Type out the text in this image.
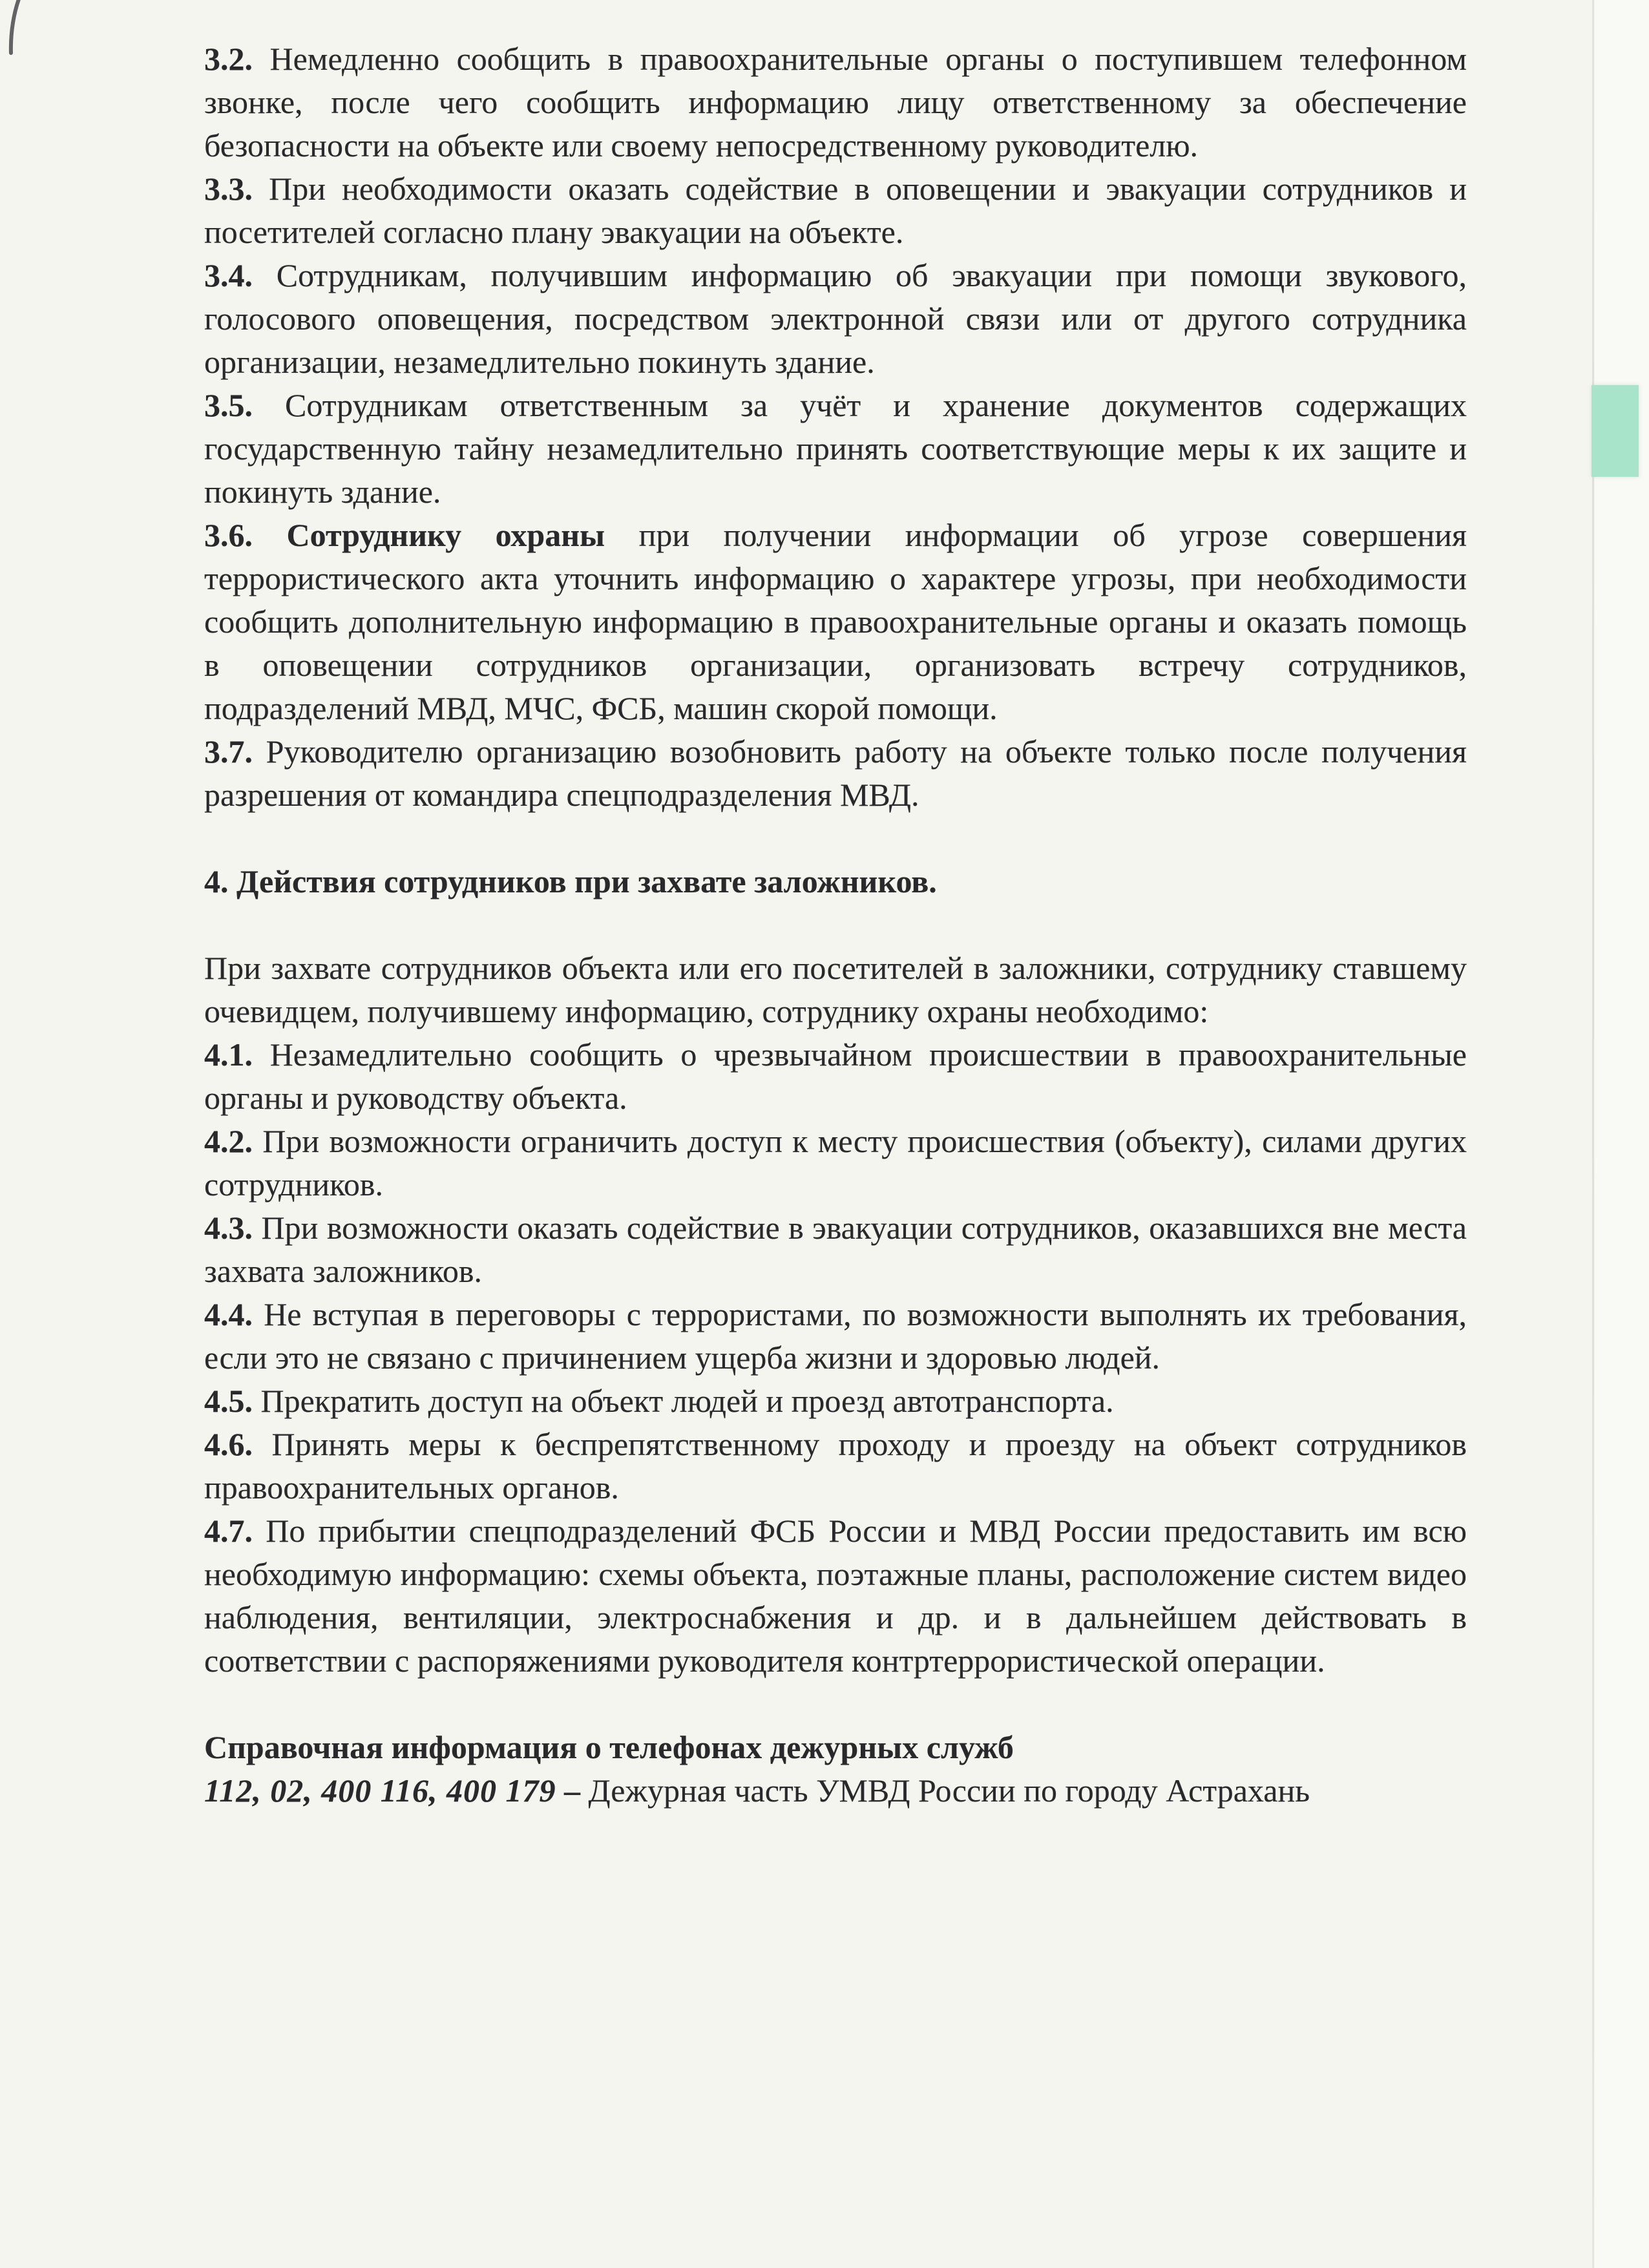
3.2. Немедленно сообщить в правоохранительные органы о поступившем телефонном звонке, после чего сообщить информацию лицу ответственному за обеспечение безопасности на объекте или своему непосредственному руководителю.

3.3. При необходимости оказать содействие в оповещении и эвакуации сотрудников и посетителей согласно плану эвакуации на объекте.

3.4. Сотрудникам, получившим информацию об эвакуации при помощи звукового, голосового оповещения, посредством электронной связи или от другого сотрудника организации, незамедлительно покинуть здание.

3.5. Сотрудникам ответственным за учёт и хранение документов содержащих государственную тайну незамедлительно принять соответствующие меры к их защите и покинуть здание.

3.6. Сотруднику охраны при получении информации об угрозе совершения террористического акта уточнить информацию о характере угрозы, при необходимости сообщить дополнительную информацию в правоохранительные органы и оказать помощь в оповещении сотрудников организации, организовать встречу сотрудников, подразделений МВД, МЧС, ФСБ, машин скорой помощи.

3.7. Руководителю организацию возобновить работу на объекте только после получения разрешения от командира спецподразделения МВД.

4. Действия сотрудников при захвате заложников.

При захвате сотрудников объекта или его посетителей в заложники, сотруднику ставшему очевидцем, получившему информацию, сотруднику охраны необходимо:

4.1. Незамедлительно сообщить о чрезвычайном происшествии в правоохранительные органы и руководству объекта.

4.2. При возможности ограничить доступ к месту происшествия (объекту), силами других сотрудников.

4.3. При возможности оказать содействие в эвакуации сотрудников, оказавшихся вне места захвата заложников.

4.4. Не вступая в переговоры с террористами, по возможности выполнять их требования, если это не связано с причинением ущерба жизни и здоровью людей.

4.5. Прекратить доступ на объект людей и проезд автотранспорта.

4.6. Принять меры к беспрепятственному проходу и проезду на объект сотрудников правоохранительных органов.

4.7. По прибытии спецподразделений ФСБ России и МВД России предоставить им всю необходимую информацию: схемы объекта, поэтажные планы, расположение систем видео наблюдения, вентиляции, электроснабжения и др. и в дальнейшем действовать в соответствии с распоряжениями руководителя контртеррористической операции.

Справочная информация о телефонах дежурных служб

112, 02, 400 116, 400 179 – Дежурная часть УМВД России по городу Астрахань
